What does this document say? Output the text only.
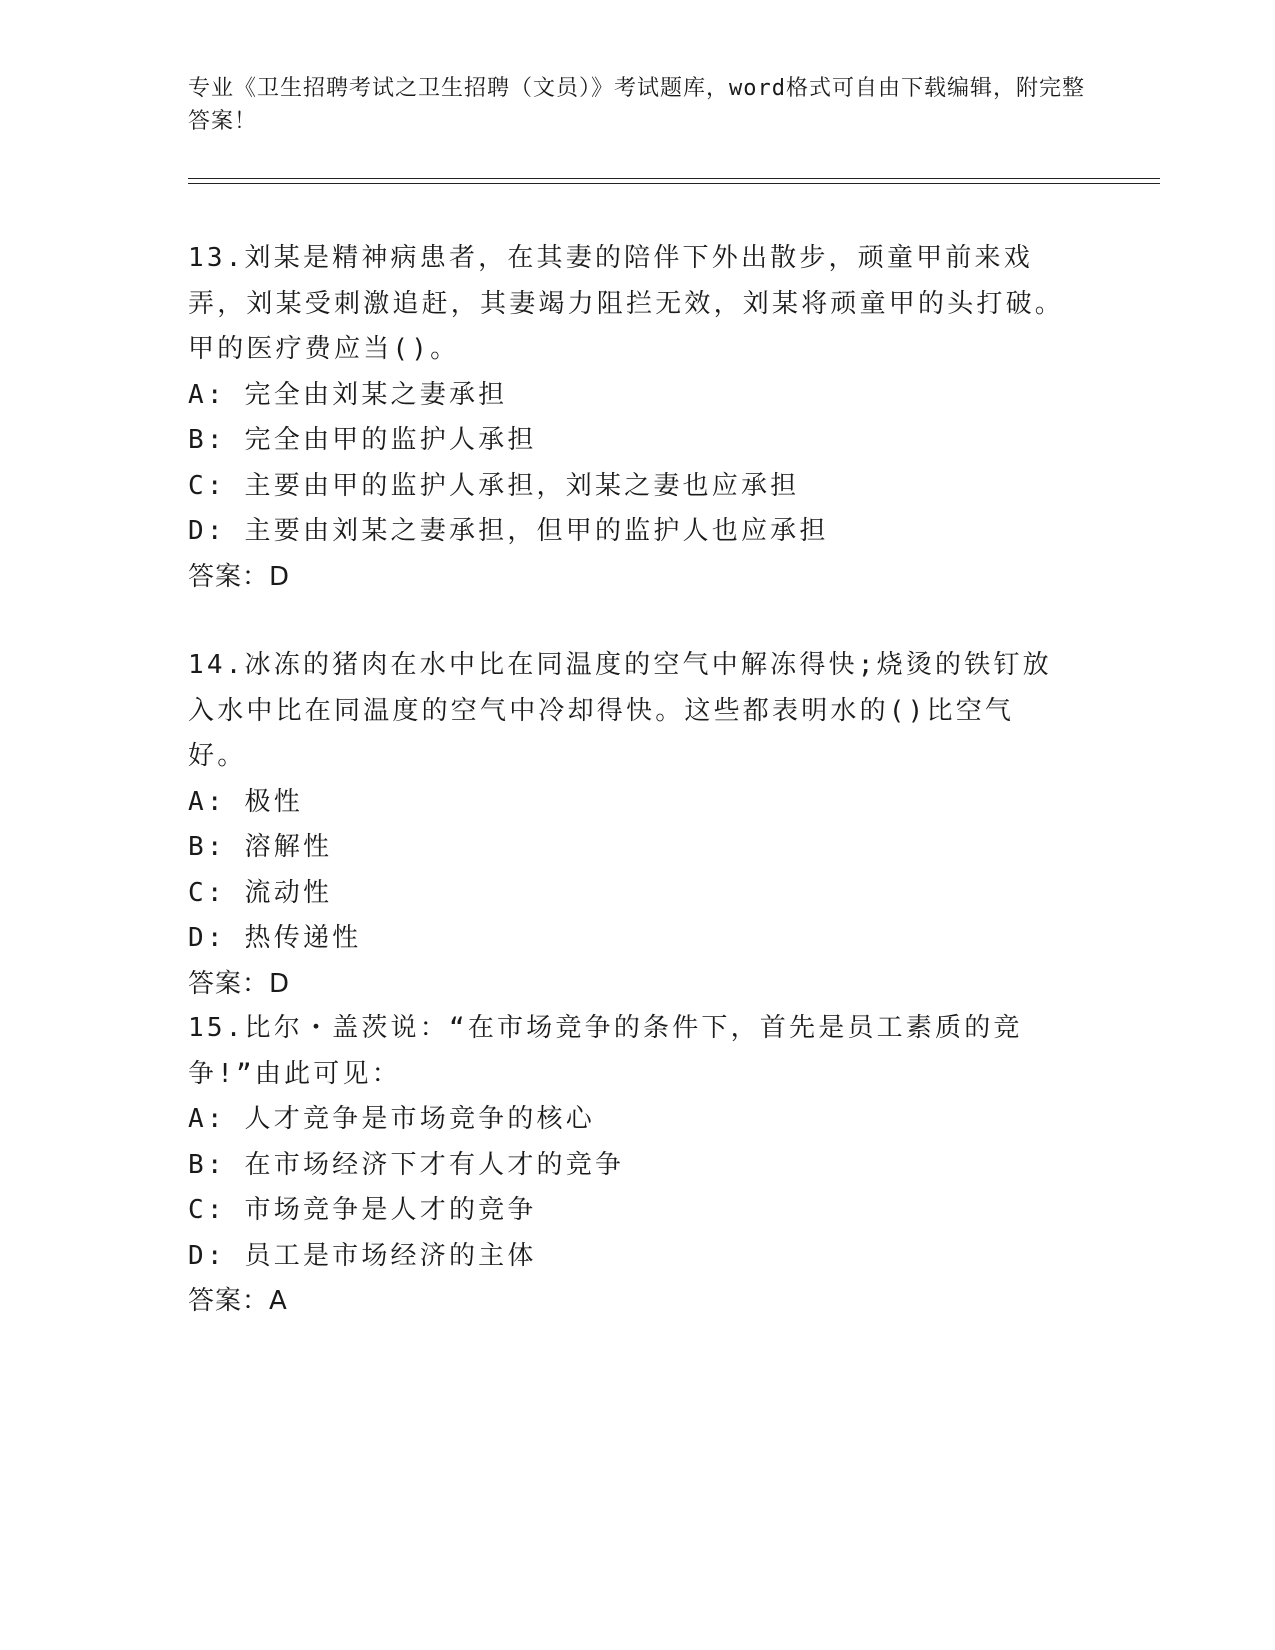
专业《卫生招聘考试之卫生招聘（文员）》考试题库，word格式可自由下载编辑，附完整答案！

13.刘某是精神病患者，在其妻的陪伴下外出散步，顽童甲前来戏弄，刘某受刺激追赶，其妻竭力阻拦无效，刘某将顽童甲的头打破。甲的医疗费应当()。

A: 完全由刘某之妻承担

B: 完全由甲的监护人承担

C: 主要由甲的监护人承担，刘某之妻也应承担

D: 主要由刘某之妻承担，但甲的监护人也应承担

答案：D

14.冰冻的猪肉在水中比在同温度的空气中解冻得快;烧烫的铁钉放入水中比在同温度的空气中冷却得快。这些都表明水的()比空气好。

A: 极性

B: 溶解性

C: 流动性

D: 热传递性

答案：D

15.比尔・盖茨说：“在市场竞争的条件下，首先是员工素质的竞争!”由此可见：

A: 人才竞争是市场竞争的核心

B: 在市场经济下才有人才的竞争

C: 市场竞争是人才的竞争

D: 员工是市场经济的主体

答案：A
